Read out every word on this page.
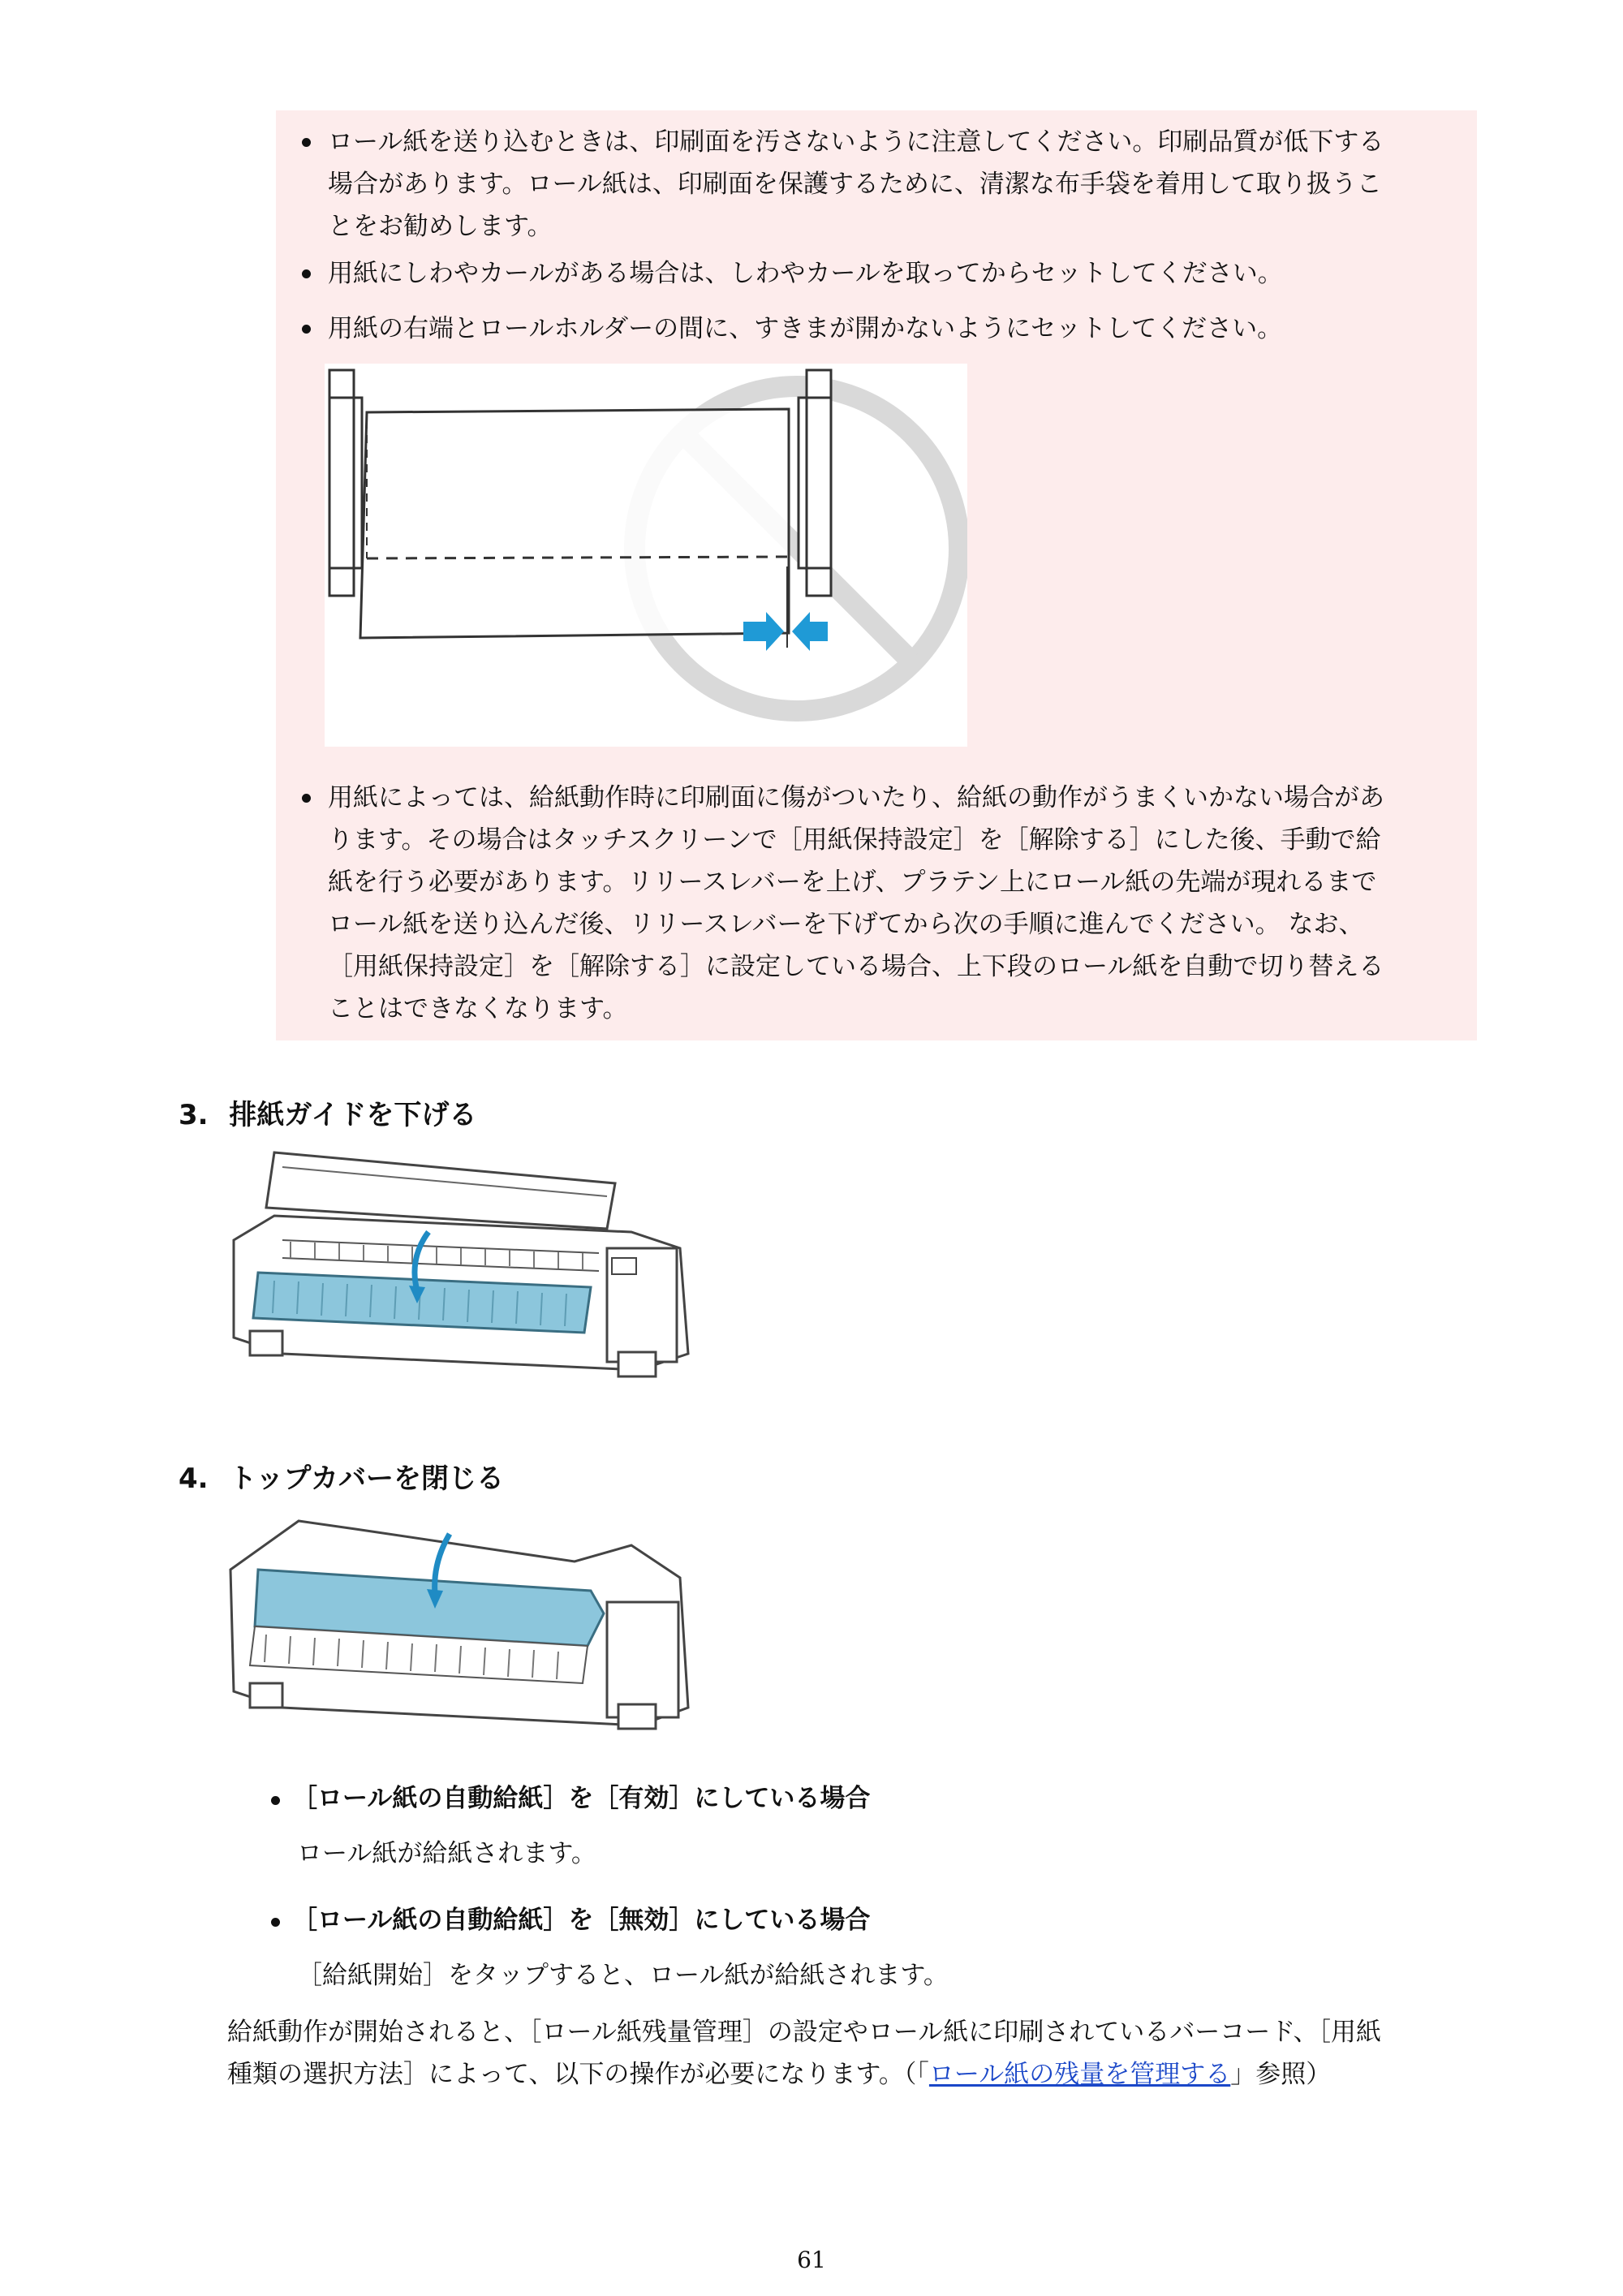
ロール紙を送り込むときは、印刷面を汚さないように注意してください。印刷品質が低下する
場合があります。ロール紙は、印刷面を保護するために、清潔な布手袋を着用して取り扱うこ
とをお勧めします。
用紙にしわやカールがある場合は、しわやカールを取ってからセットしてください。
用紙の右端とロールホルダーの間に、すきまが開かないようにセットしてください。
用紙によっては、給紙動作時に印刷面に傷がついたり、給紙の動作がうまくいかない場合があ
ります。その場合はタッチスクリーンで［用紙保持設定］を［解除する］にした後、手動で給
紙を行う必要があります。リリースレバーを上げ、プラテン上にロール紙の先端が現れるまで
ロール紙を送り込んだ後、リリースレバーを下げてから次の手順に進んでください。 なお、
［用紙保持設定］を［解除する］に設定している場合、上下段のロール紙を自動で切り替える
ことはできなくなります。
3. 排紙ガイドを下げる
4. トップカバーを閉じる
［ロール紙の自動給紙］を［有効］にしている場合
ロール紙が給紙されます。
［ロール紙の自動給紙］を［無効］にしている場合
［給紙開始］をタップすると、ロール紙が給紙されます。
給紙動作が開始されると、［ロール紙残量管理］の設定やロール紙に印刷されているバーコード、［用紙
種類の選択方法］によって、以下の操作が必要になります。（「ロール紙の残量を管理する」参照）
61
